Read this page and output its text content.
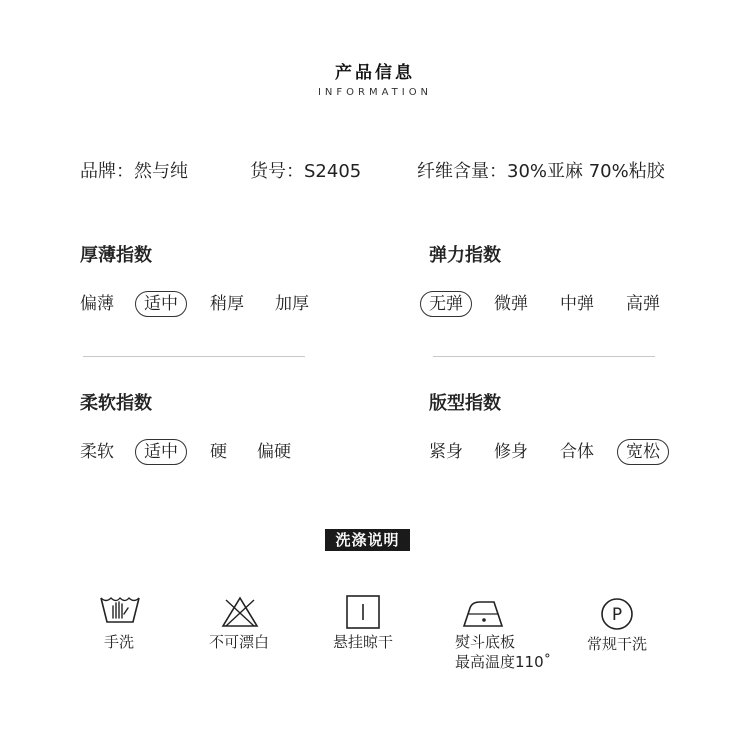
产品信息
INFORMATION
品牌：然与纯	货号：S2405	纤维含量：30%亚麻 70%粘胶
厚薄指数
偏薄	适中	稍厚 加厚
弹力指数
无弹	微弹 中弹 高弹
柔软指数
柔软	适中	硬 偏硬
版型指数
紧身 修身 合体	宽松
洗涤说明
手洗	不可漂白	悬挂晾干	熨斗底板
最高温度110˚
P
常规干洗
